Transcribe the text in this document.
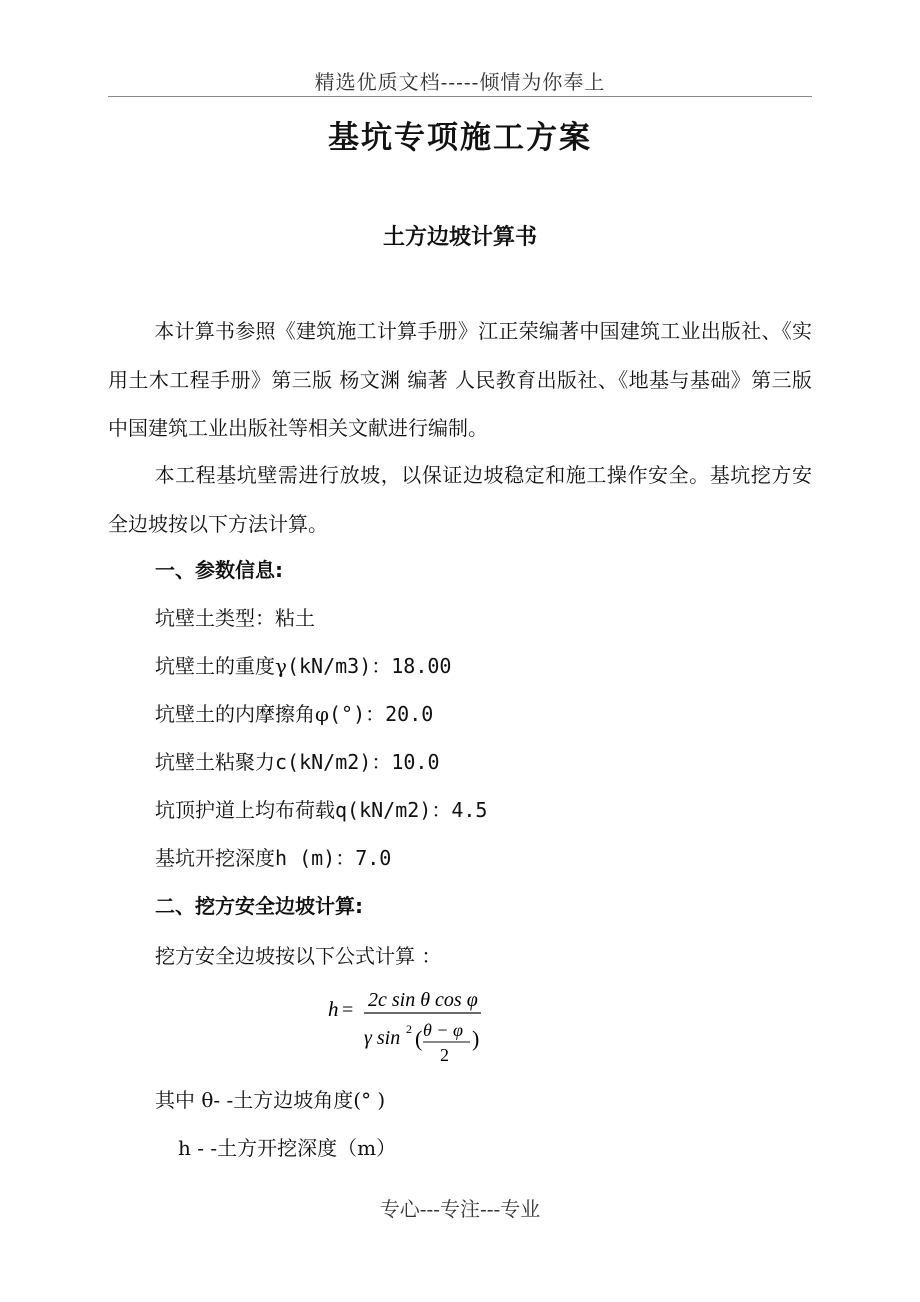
精选优质文档-----倾情为你奉上
基坑专项施工方案
土方边坡计算书
本计算书参照《建筑施工计算手册》江正荣编著中国建筑工业出版社、《实用土木工程手册》第三版 杨文渊 编著 人民教育出版社、《地基与基础》第三版 中国建筑工业出版社等相关文献进行编制。
本工程基坑壁需进行放坡，以保证边坡稳定和施工操作安全。基坑挖方安全边坡按以下方法计算。
一、参数信息:
坑壁土类型：粘土
坑壁土的重度γ(kN/m3)：18.00
坑壁土的内摩擦角φ(°)：20.0
坑壁土粘聚力c(kN/m2)：10.0
坑顶护道上均布荷载q(kN/m2)：4.5
基坑开挖深度h (m)：7.0
二、挖方安全边坡计算:
挖方安全边坡按以下公式计算 ：
h = 2c sin θ cos φ
γ sin 2 ( θ − φ
2
)
其中 θ- -土方边坡角度(° )
h - -土方开挖深度（m）
专心---专注---专业
